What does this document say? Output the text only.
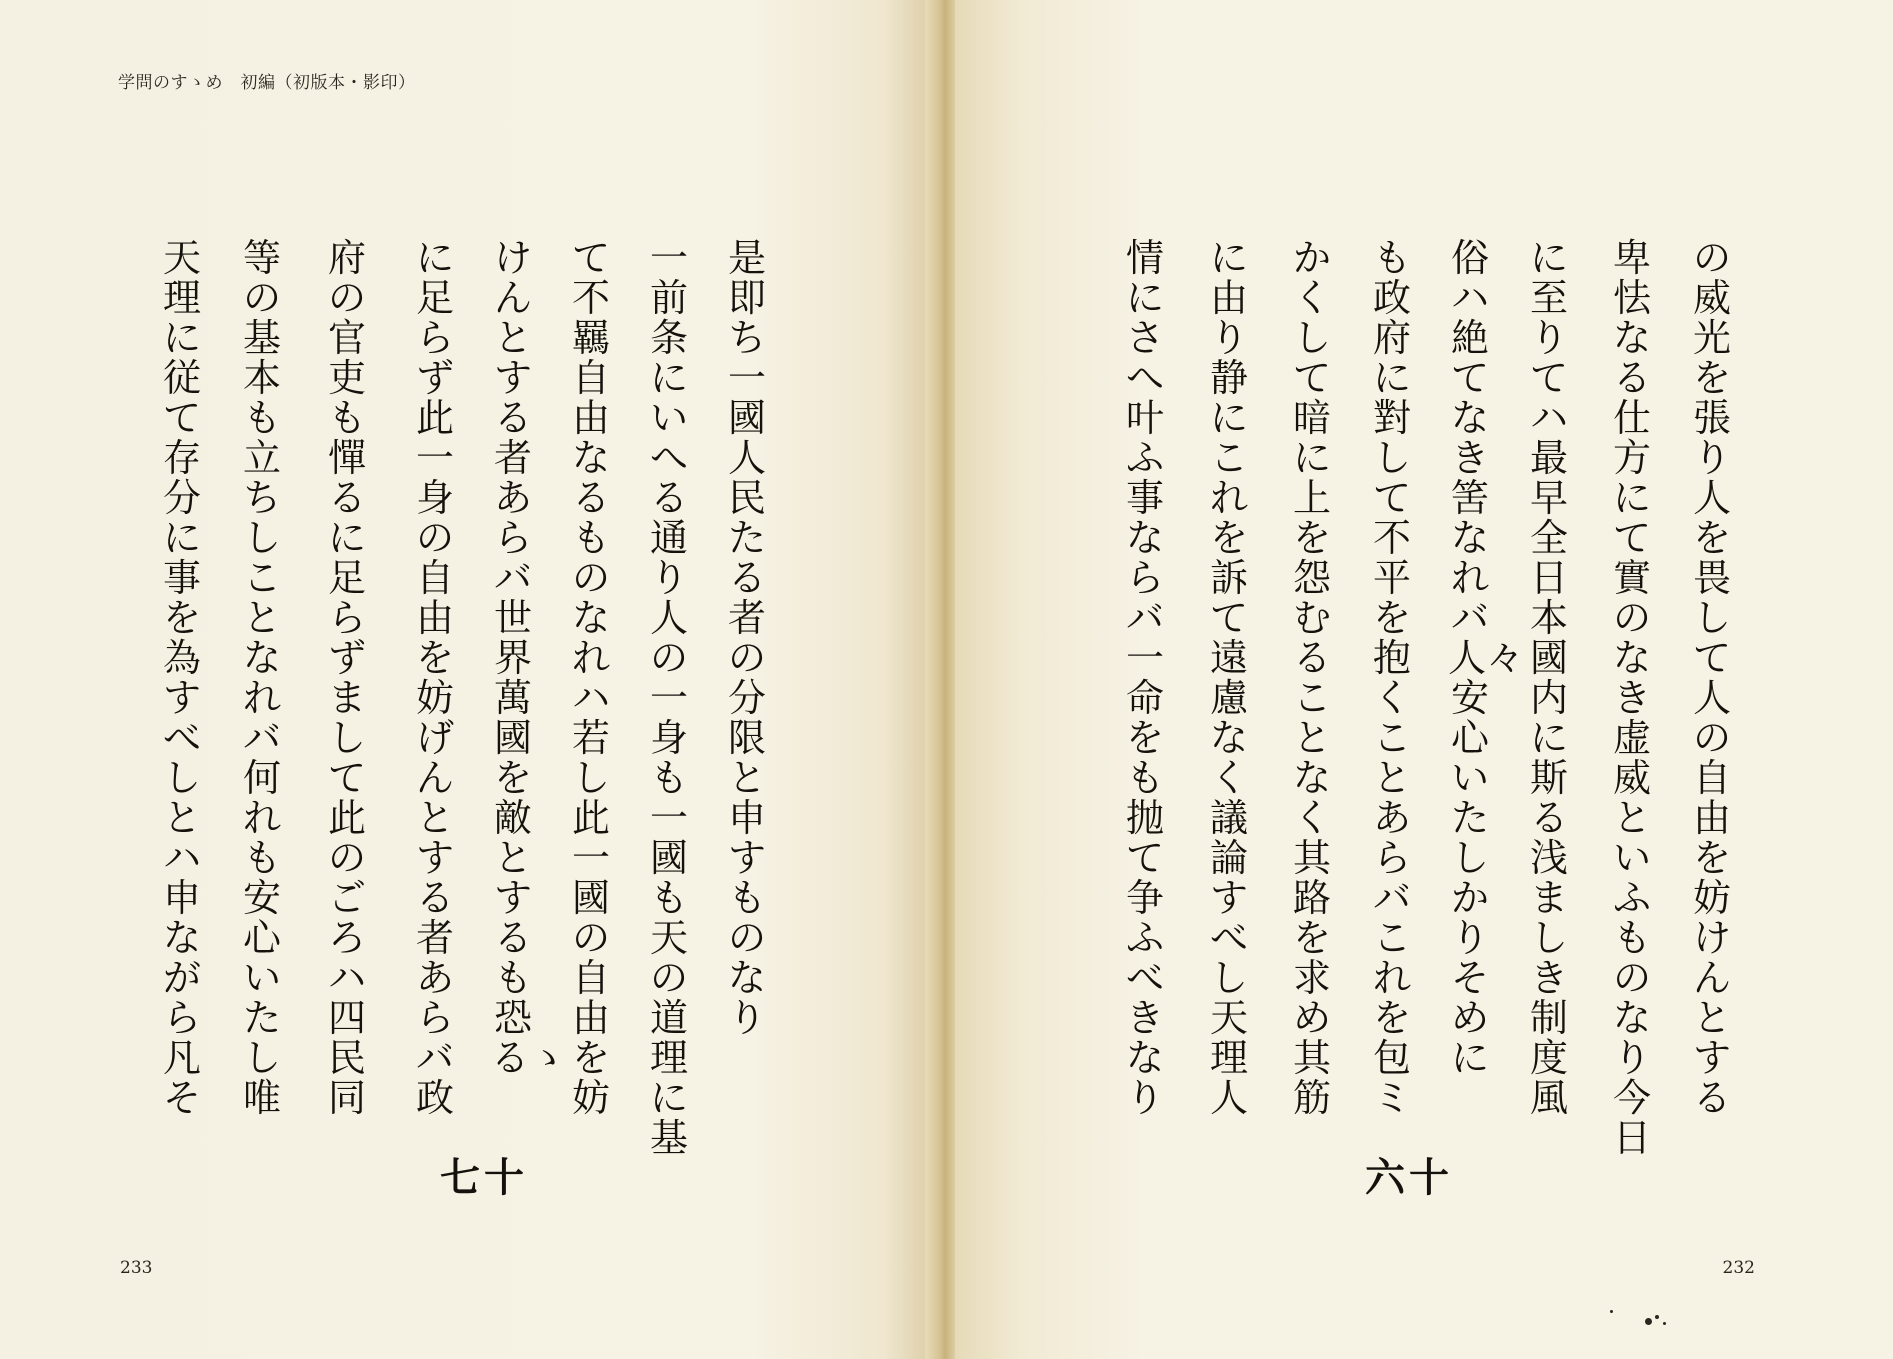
学問のすゝめ　初編（初版本・影印）
是即ち一國人民たる者の分限と申すものなり
一前条にいへる通り人の一身も一國も天の道理に基
て不羈自由なるものなれハ若し此一國の自由を妨
けんとする者あらバ世界萬國を敵とするも恐るゝ
に足らず此一身の自由を妨げんとする者あらバ政
府の官吏も憚るに足らずまして此のごろハ四民同
等の基本も立ちしことなれバ何れも安心いたし唯
天理に従て存分に事を為すべしとハ申ながら凡そ
七十
233

の威光を張り人を畏して人の自由を妨けんとする
卑怯なる仕方にて實のなき虚威といふものなり今日
に至りてハ最早全日本國内に斯る浅ましき制度風
俗ハ絶てなき筈なれバ人々安心いたしかりそめに
も政府に對して不平を抱くことあらバこれを包ミ
かくして暗に上を怨むることなく其路を求め其筋
に由り静にこれを訴て遠慮なく議論すべし天理人
情にさへ叶ふ事ならバ一命をも抛て争ふべきなり
六十
232
